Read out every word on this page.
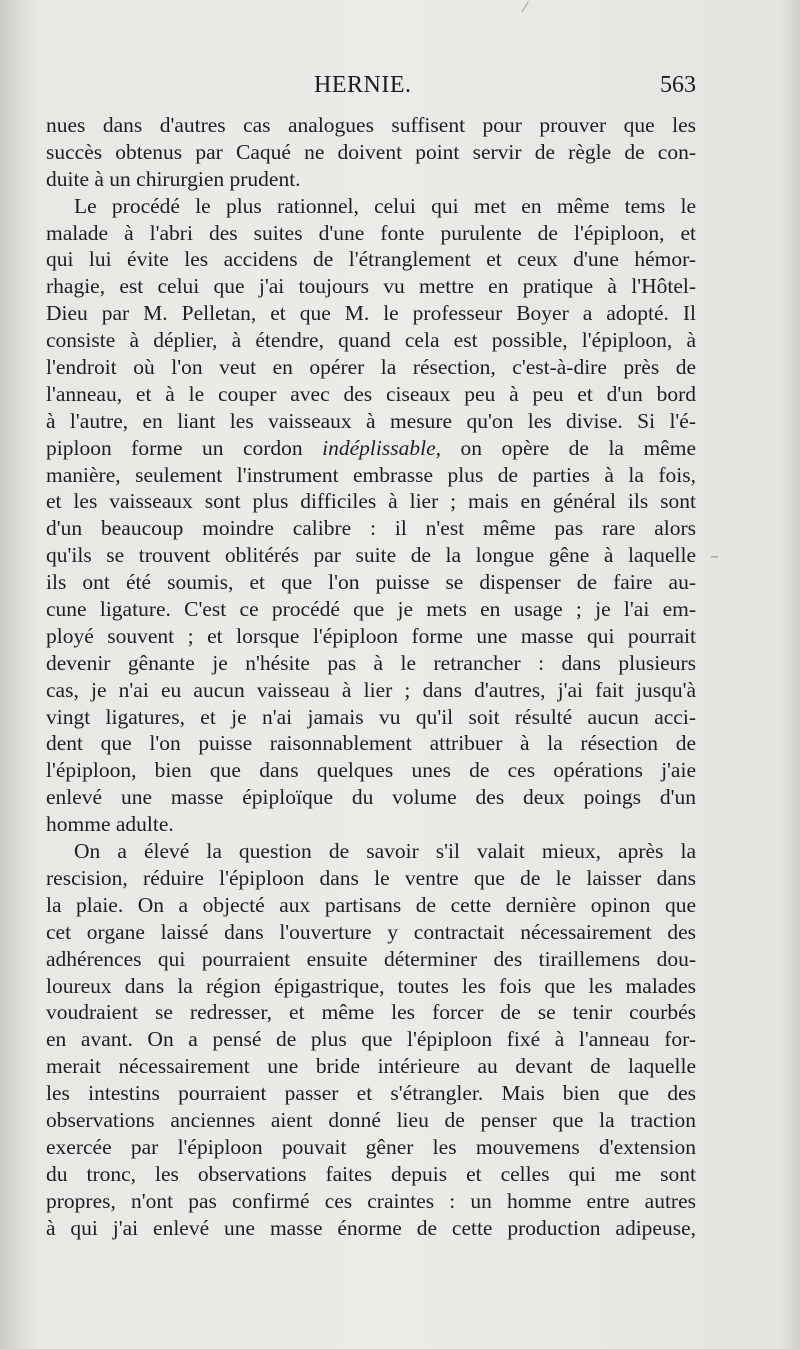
HERNIE.	563
nues dans d'autres cas analogues suffisent pour prouver que les
succès obtenus par Caqué ne doivent point servir de règle de con-
duite à un chirurgien prudent.
Le procédé le plus rationnel, celui qui met en même tems le
malade à l'abri des suites d'une fonte purulente de l'épiploon, et
qui lui évite les accidens de l'étranglement et ceux d'une hémor-
rhagie, est celui que j'ai toujours vu mettre en pratique à l'Hôtel-
Dieu par M. Pelletan, et que M. le professeur Boyer a adopté. Il
consiste à déplier, à étendre, quand cela est possible, l'épiploon, à
l'endroit où l'on veut en opérer la résection, c'est-à-dire près de
l'anneau, et à le couper avec des ciseaux peu à peu et d'un bord
à l'autre, en liant les vaisseaux à mesure qu'on les divise. Si l'é-
piploon forme un cordon indéplissable, on opère de la même
manière, seulement l'instrument embrasse plus de parties à la fois,
et les vaisseaux sont plus difficiles à lier ; mais en général ils sont
d'un beaucoup moindre calibre : il n'est même pas rare alors
qu'ils se trouvent oblitérés par suite de la longue gêne à laquelle
ils ont été soumis, et que l'on puisse se dispenser de faire au-
cune ligature. C'est ce procédé que je mets en usage ; je l'ai em-
ployé souvent ; et lorsque l'épiploon forme une masse qui pourrait
devenir gênante je n'hésite pas à le retrancher : dans plusieurs
cas, je n'ai eu aucun vaisseau à lier ; dans d'autres, j'ai fait jusqu'à
vingt ligatures, et je n'ai jamais vu qu'il soit résulté aucun acci-
dent que l'on puisse raisonnablement attribuer à la résection de
l'épiploon, bien que dans quelques unes de ces opérations j'aie
enlevé une masse épiploïque du volume des deux poings d'un
homme adulte.
On a élevé la question de savoir s'il valait mieux, après la
rescision, réduire l'épiploon dans le ventre que de le laisser dans
la plaie. On a objecté aux partisans de cette dernière opinon que
cet organe laissé dans l'ouverture y contractait nécessairement des
adhérences qui pourraient ensuite déterminer des tiraillemens dou-
loureux dans la région épigastrique, toutes les fois que les malades
voudraient se redresser, et même les forcer de se tenir courbés
en avant. On a pensé de plus que l'épiploon fixé à l'anneau for-
merait nécessairement une bride intérieure au devant de laquelle
les intestins pourraient passer et s'étrangler. Mais bien que des
observations anciennes aient donné lieu de penser que la traction
exercée par l'épiploon pouvait gêner les mouvemens d'extension
du tronc, les observations faites depuis et celles qui me sont
propres, n'ont pas confirmé ces craintes : un homme entre autres
à qui j'ai enlevé une masse énorme de cette production adipeuse,
–
⁄
